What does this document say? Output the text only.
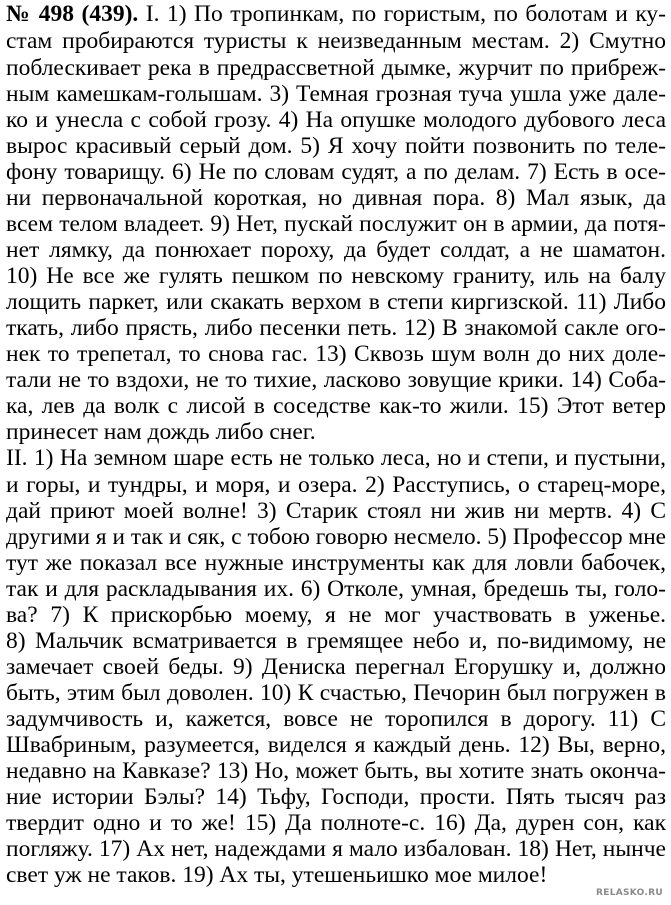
№ 498 (439). I. 1) По тропинкам, по гористым, по болотам и ку-

стам пробираются туристы к неизведанным местам. 2) Смутно

поблескивает река в предрассветной дымке, журчит по прибреж-

ным камешкам-голышам. 3) Темная грозная туча ушла уже дале-

ко и унесла с собой грозу. 4) На опушке молодого дубового леса

вырос красивый серый дом. 5) Я хочу пойти позвонить по теле-

фону товарищу. 6) Не по словам судят, а по делам. 7) Есть в осе-

ни первоначальной короткая, но дивная пора. 8) Мал язык, да

всем телом владеет. 9) Нет, пускай послужит он в армии, да потя-

нет лямку, да понюхает пороху, да будет солдат, а не шаматон.

10) Не все же гулять пешком по невскому граниту, иль на балу

лощить паркет, или скакать верхом в степи киргизской. 11) Либо

ткать, либо прясть, либо песенки петь. 12) В знакомой сакле ого-

нек то трепетал, то снова гас. 13) Сквозь шум волн до них доле-

тали не то вздохи, не то тихие, ласково зовущие крики. 14) Соба-

ка, лев да волк с лисой в соседстве как-то жили. 15) Этот ветер

принесет нам дождь либо снег.

II. 1) На земном шаре есть не только леса, но и степи, и пустыни,

и горы, и тундры, и моря, и озера. 2) Расступись, о старец-море,

дай приют моей волне! 3) Старик стоял ни жив ни мертв. 4) С

другими я и так и сяк, с тобою говорю несмело. 5) Профессор мне

тут же показал все нужные инструменты как для ловли бабочек,

так и для раскладывания их. 6) Отколе, умная, бредешь ты, голо-

ва? 7) К прискорбью моему, я не мог участвовать в уженье.

8) Мальчик всматривается в гремящее небо и, по-видимому, не

замечает своей беды. 9) Дениска перегнал Егорушку и, должно

быть, этим был доволен. 10) К счастью, Печорин был погружен в

задумчивость и, кажется, вовсе не торопился в дорогу. 11) С

Швабриным, разумеется, виделся я каждый день. 12) Вы, верно,

недавно на Кавказе? 13) Но, может быть, вы хотите знать оконча-

ние истории Бэлы? 14) Тьфу, Господи, прости. Пять тысяч раз

твердит одно и то же! 15) Да полноте-с. 16) Да, дурен сон, как

погляжу. 17) Ах нет, надеждами я мало избалован. 18) Нет, нынче

свет уж не таков. 19) Ах ты, утешеньишко мое милое!

RELASKO.RU
